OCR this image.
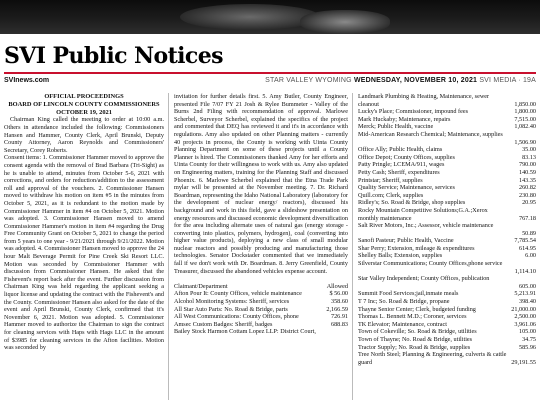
SVI Public Notices
SVInews.com	STAR VALLEY WYOMING WEDNESDAY, NOVEMBER 10, 2021 SVI MEDIA · 19A
OFFICIAL PROCEEDINGS
BOARD OF LINCOLN COUNTY COMMISSIONERS
OCTOBER 19, 2021
Chairman King called the meeting to order at 10:00 a.m. Others in attendance included the following: Commissioners Hansen and Hammer, County Clerk, April Brunski, Deputy County Attorney, Aaron Reynolds and Commissioners' Secretary, Corey Roberts.
Consent items: 1. Commissioner Hammer moved to approve the consent agenda with the removal of Brad Barbara (Tri-Sight) as he is unable to attend, minutes from October 5-6, 2021 with corrections, and orders for reduction/addition to the assessment roll and approval of the vouchers. 2. Commissioner Hansen moved to withdraw his motion on item #5 in the minutes from October 5, 2021, as it is redundant to the motion made by Commissioner Hammer in item #4 on October 5, 2021. Motion was adopted. 3. Commissioner Hansen moved to amend Commissioner Hammer's motion in item #4 regarding the Drug Free Community Grant on October 5, 2021 to change the period from 5 years to one year - 9/21/2021 through 9/21/2022. Motion was adopted. 4. Commissioner Hansen moved to approve the 24 hour Malt Beverage Permit for Pine Creek Ski Resort LLC. Motion was seconded by Commissioner Hammer with discussion from Commissioner Hansen. He asked that the Fishevent's report back after the event. Further discussion from Chairman King was held regarding the applicant seeking a liquor license and updating the contract with the Fishevent's and the County. Commissioner Hansen also asked for the date of the event and April Brunski, County Clerk, confirmed that it's November 6, 2021. Motion was adopted. 5. Commissioner Hammer moved to authorize the Chairman to sign the contract for cleaning services with Haps with Hags LLC in the amount of $3985 for cleaning services in the Afton facilities. Motion was seconded by
invitation for further details first. 5. Amy Butler, County Engineer, presented File 7/07 FY 21 Josh & Rylee Bummeter - Valley of the Burns 2nd Filing with recommendation of approval. Marlowe Scherbel, Surveyor Scherbel, explained the specifics of the project and commented that DEQ has reviewed it and it's in accordance with regulations. Amy also updated on other Planning matters - currently 40 projects in process, the County is working with Uinta County Planning Department on some of these projects until a County Planner is hired. The Commissioners thanked Amy for her efforts and Uinta County for their willingness to work with us. Amy also updated on Engineering matters, training for the Planning Staff and discussed Phoenix. 6. Marlowe Scherbel explained that the Etna Trade Park mylar will be presented at the November meeting. 7. Dr. Richard Boardman, representing the Idaho National Laboratory (laboratory for the development of nuclear energy/ reactors), discussed his background and work in this field, gave a slideshow presentation on energy resources and discussed economic development diversification for the area including alternate uses of natural gas (energy storage - converting into plastics, polymers, hydrogen), coal (converting into higher value products), deploying a new class of small modular nuclear reactors and possibly producing and manufacturing those technologies. Senator Dockstader commented that we immediately fall if we don't work with Dr. Boardman. 8. Jerry Greenfield, County Treasurer, discussed the abandoned vehicles expense account.
Claimant/Department	Allowed
Afton Pour It: County Offices, vehicle maintenance	$ 56.00
Alcohol Monitoring Systems: Sheriff, services	358.60
All Star Auto Parts: No. Road & Bridge, parts	2,166.59
All West Communications: County Offices, phone	726.91
Amsec Custom Badges: Sheriff, badges	688.83
Bailey Stock Harmon Cottam Lopez LLP: District Court,
Landmark Plumbing & Heating, Maintenance, sewer
cleanout	1,850.00
Lucky's Place; Commissioner, impound fees	1,800.00
Mark Huckaby; Maintenance, repairs	7,515.00
Merck; Public Health, vaccine	1,082.40
Mid-American Research Chemical; Maintenance, supplies
1,506.90
Office Ally; Public Health, claims	35.00
Office Depot; County Offices, supplies	83.13
Patty Pringle; LCEMA/911, wages	790.00
Petty Cash; Sheriff, expenditures	140.59
Printstar; Sheriff, supplies	143.35
Quality Service; Maintenance, services	260.82
Quill.com; Clerk, supplies	230.80
Ridley's; So. Road & Bridge, shop supplies	20.95
Rocky Mountain Competitive Solutions;G.A.;Xerox
monthly maintenance	767.18
Salt River Motors, Inc.; Assessor, vehicle maintenance
50.89
Sanofi Pasteur; Public Health, Vaccine	7,785.54
Shar Perry; Extension, mileage & expenditures	614.95
Shelley Balls; Extension, supplies	6.00
Silverstar Communications; County Offices,phone service
1,114.10
Star Valley Independent; County Offices, publication
605.00
Summit Food Services;jail,inmate meals	5,213.91
T 7 Inc; So. Road & Bridge, propane	398.40
Thayne Senior Center; Clerk, budgeted funding	21,000.00
Thomas L. Bennett M.D.; Coroner, services	2,500.00
TK Elevator; Maintenance, contract	3,961.06
Town of Cokeville; So. Road & Bridge, utilities	105.00
Town of Thayne; No. Road & Bridge, utilities	34.75
Tractor Supply; No. Road & Bridge, supplies	585.96
Tree North Steel; Planning & Engineering, culverts & cattle
guard	29,191.55
